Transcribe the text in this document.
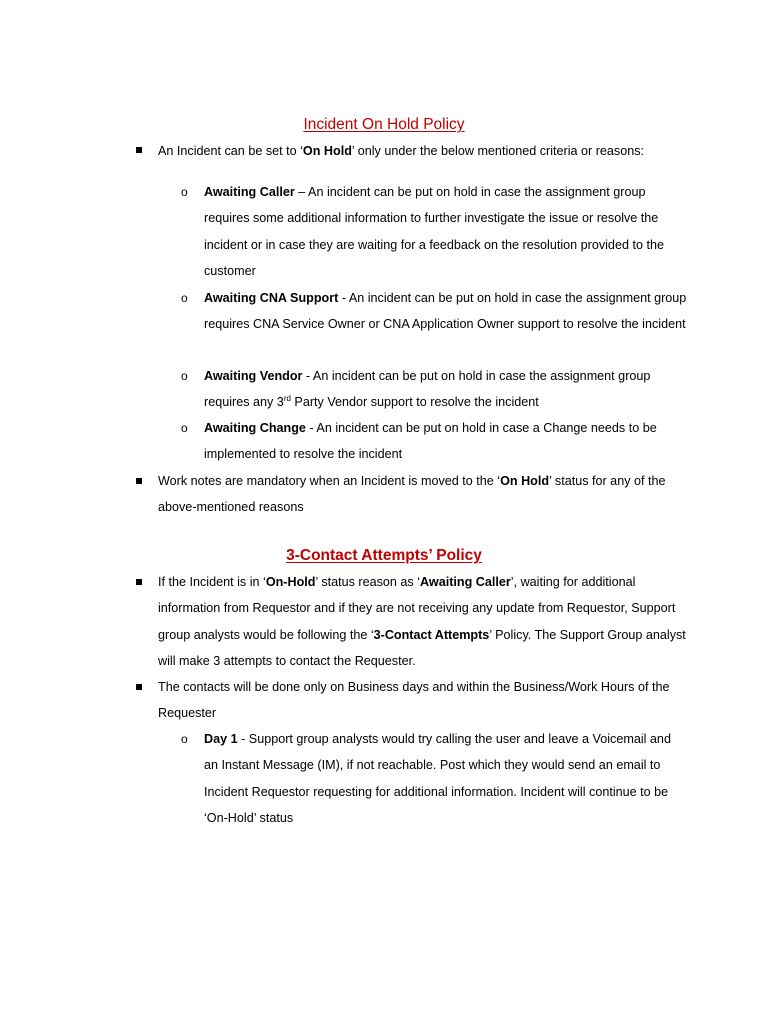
Incident On Hold Policy

An Incident can be set to ‘On Hold’ only under the below mentioned criteria or reasons:

o Awaiting Caller – An incident can be put on hold in case the assignment group requires some additional information to further investigate the issue or resolve the incident or in case they are waiting for a feedback on the resolution provided to the customer

o Awaiting CNA Support - An incident can be put on hold in case the assignment group requires CNA Service Owner or CNA Application Owner support to resolve the incident

o Awaiting Vendor - An incident can be put on hold in case the assignment group requires any 3rd Party Vendor support to resolve the incident

o Awaiting Change - An incident can be put on hold in case a Change needs to be implemented to resolve the incident

Work notes are mandatory when an Incident is moved to the ‘On Hold’ status for any of the above-mentioned reasons

3-Contact Attempts’ Policy

If the Incident is in ‘On-Hold’ status reason as ‘Awaiting Caller’, waiting for additional information from Requestor and if they are not receiving any update from Requestor, Support group analysts would be following the ‘3-Contact Attempts’ Policy. The Support Group analyst will make 3 attempts to contact the Requester.

The contacts will be done only on Business days and within the Business/Work Hours of the Requester

o Day 1 - Support group analysts would try calling the user and leave a Voicemail and an Instant Message (IM), if not reachable. Post which they would send an email to Incident Requestor requesting for additional information. Incident will continue to be ‘On-Hold’ status
